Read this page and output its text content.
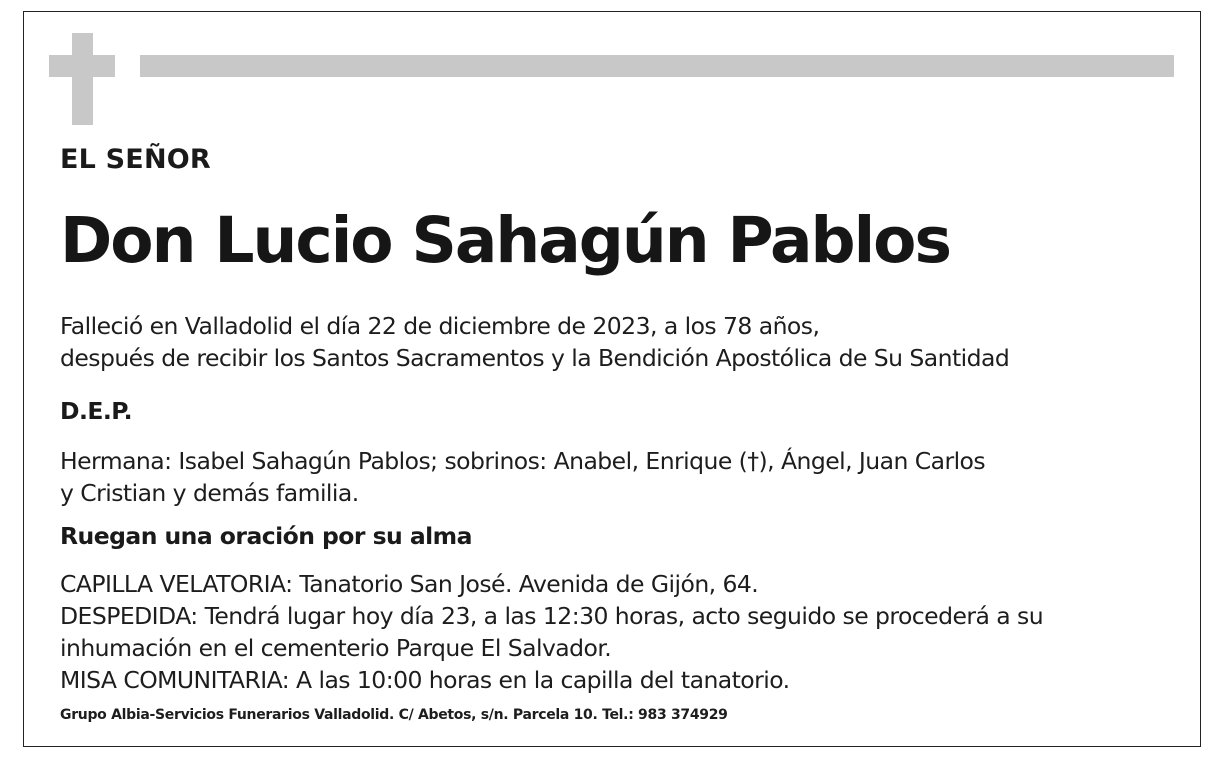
EL SEÑOR

Don Lucio Sahagún Pablos

Falleció en Valladolid el día 22 de diciembre de 2023, a los 78 años,
después de recibir los Santos Sacramentos y la Bendición Apostólica de Su Santidad

D.E.P.

Hermana: Isabel Sahagún Pablos; sobrinos: Anabel, Enrique (†), Ángel, Juan Carlos
y Cristian y demás familia.

Ruegan una oración por su alma

CAPILLA VELATORIA: Tanatorio San José. Avenida de Gijón, 64.
DESPEDIDA: Tendrá lugar hoy día 23, a las 12:30 horas, acto seguido se procederá a su
inhumación en el cementerio Parque El Salvador.
MISA COMUNITARIA: A las 10:00 horas en la capilla del tanatorio.

Grupo Albia-Servicios Funerarios Valladolid. C/ Abetos, s/n. Parcela 10. Tel.: 983 374929
